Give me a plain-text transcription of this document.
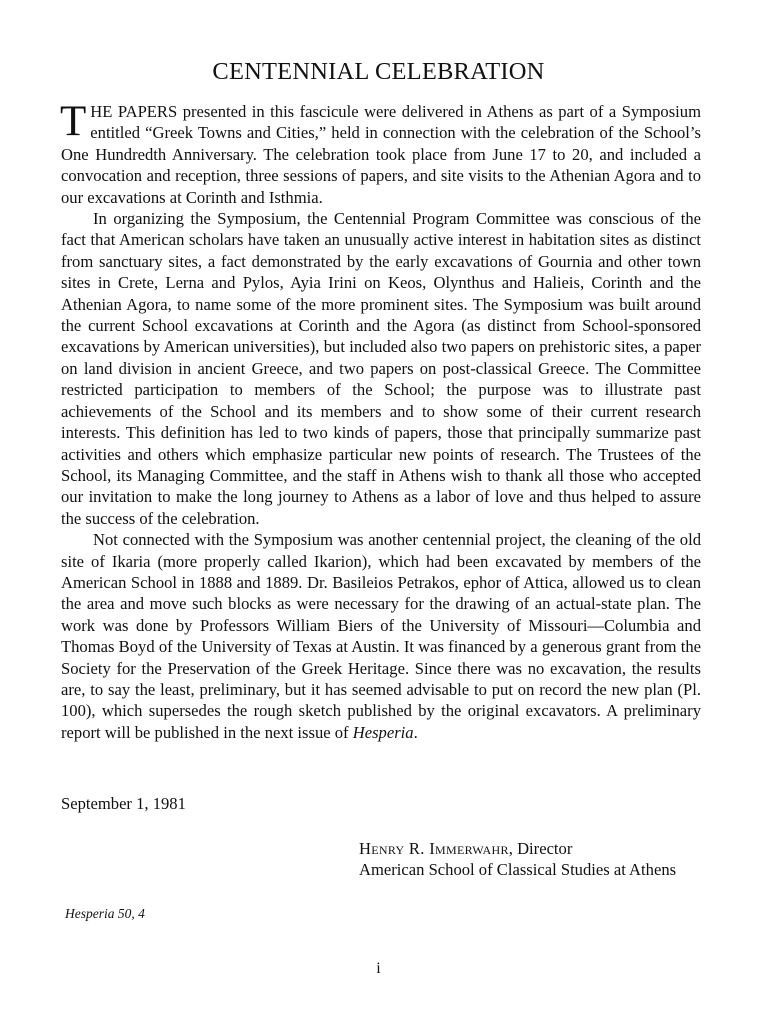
CENTENNIAL CELEBRATION

THE PAPERS presented in this fascicule were delivered in Athens as part of a Symposium entitled “Greek Towns and Cities,” held in connection with the celebration of the School’s One Hundredth Anniversary. The celebration took place from June 17 to 20, and included a convocation and reception, three sessions of papers, and site visits to the Athenian Agora and to our excavations at Corinth and Isthmia.

In organizing the Symposium, the Centennial Program Committee was conscious of the fact that American scholars have taken an unusually active interest in habitation sites as distinct from sanctuary sites, a fact demonstrated by the early excavations of Gournia and other town sites in Crete, Lerna and Pylos, Ayia Irini on Keos, Olynthus and Halieis, Corinth and the Athenian Agora, to name some of the more prominent sites. The Symposium was built around the current School excavations at Corinth and the Agora (as distinct from School-sponsored excavations by American universities), but included also two papers on prehistoric sites, a paper on land division in ancient Greece, and two papers on post-classical Greece. The Committee restricted participation to members of the School; the purpose was to illustrate past achievements of the School and its members and to show some of their current research interests. This definition has led to two kinds of papers, those that principally summarize past activities and others which emphasize particular new points of research. The Trustees of the School, its Managing Committee, and the staff in Athens wish to thank all those who accepted our invitation to make the long journey to Athens as a labor of love and thus helped to assure the success of the celebration.

Not connected with the Symposium was another centennial project, the cleaning of the old site of Ikaria (more properly called Ikarion), which had been excavated by members of the American School in 1888 and 1889. Dr. Basileios Petrakos, ephor of Attica, allowed us to clean the area and move such blocks as were necessary for the drawing of an actual-state plan. The work was done by Professors William Biers of the University of Missouri—Columbia and Thomas Boyd of the University of Texas at Austin. It was financed by a generous grant from the Society for the Preservation of the Greek Heritage. Since there was no excavation, the results are, to say the least, preliminary, but it has seemed advisable to put on record the new plan (Pl. 100), which supersedes the rough sketch published by the original excavators. A preliminary report will be published in the next issue of Hesperia.

September 1, 1981
Henry R. Immerwahr, Director
American School of Classical Studies at Athens
Hesperia 50, 4
i
